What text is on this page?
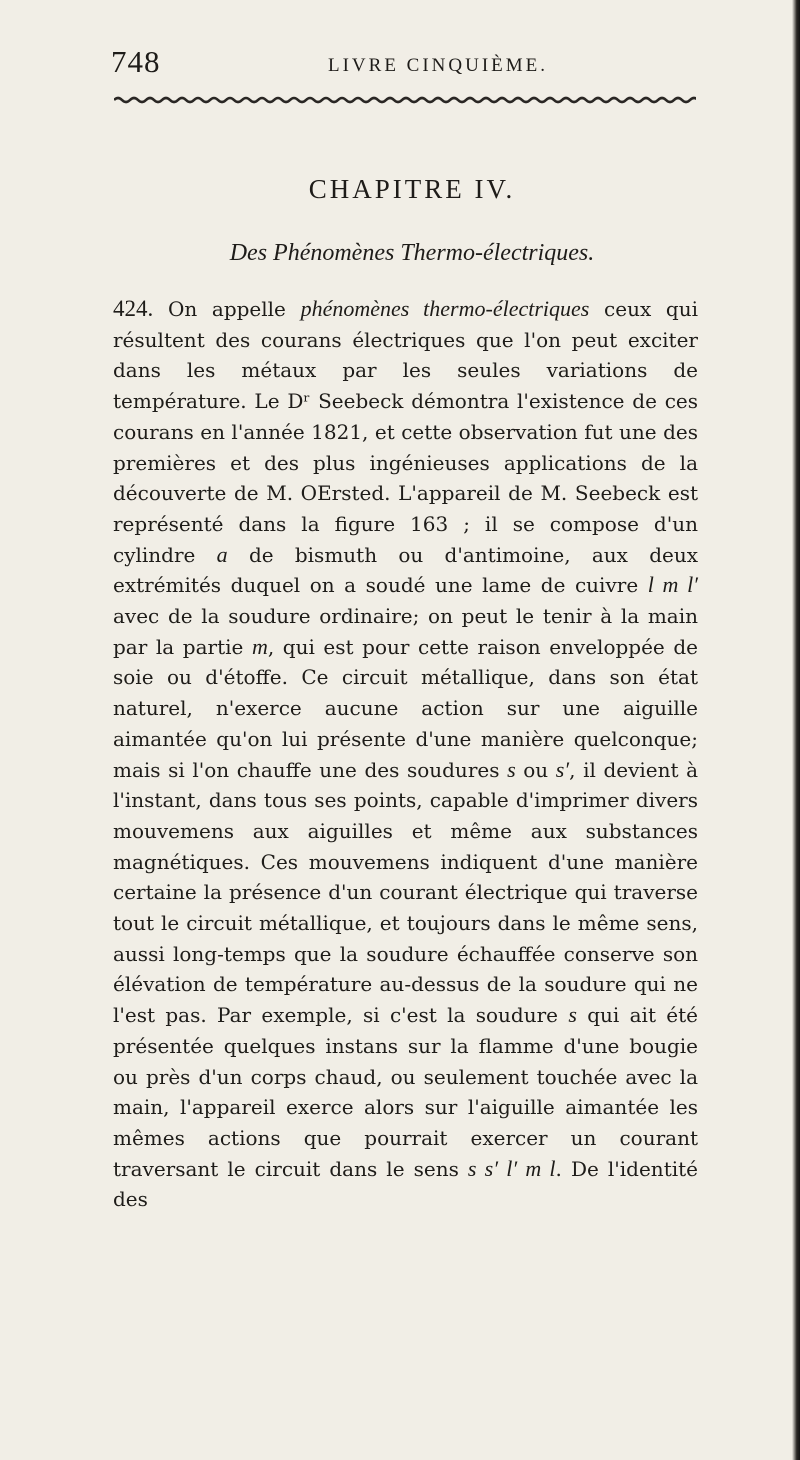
748	LIVRE CINQUIÈME.
CHAPITRE IV.
Des Phénomènes Thermo-électriques.
424. On appelle phénomènes thermo-électriques ceux qui résultent des courans électriques que l'on peut exciter dans les métaux par les seules variations de température. Le Dʳ Seebeck démontra l'existence de ces courans en l'année 1821, et cette observation fut une des premières et des plus ingénieuses applications de la découverte de M. OErsted. L'appareil de M. Seebeck est représenté dans la figure 163 ; il se compose d'un cylindre a de bismuth ou d'antimoine, aux deux extrémités duquel on a soudé une lame de cuivre l m l′ avec de la soudure ordinaire; on peut le tenir à la main par la partie m, qui est pour cette raison enveloppée de soie ou d'étoffe. Ce circuit métallique, dans son état naturel, n'exerce aucune action sur une aiguille aimantée qu'on lui présente d'une manière quelconque; mais si l'on chauffe une des soudures s ou s′, il devient à l'instant, dans tous ses points, capable d'imprimer divers mouvemens aux aiguilles et même aux substances magnétiques. Ces mouvemens indiquent d'une manière certaine la présence d'un courant électrique qui traverse tout le circuit métallique, et toujours dans le même sens, aussi long-temps que la soudure échauffée conserve son élévation de température au-dessus de la soudure qui ne l'est pas. Par exemple, si c'est la soudure s qui ait été présentée quelques instans sur la flamme d'une bougie ou près d'un corps chaud, ou seulement touchée avec la main, l'appareil exerce alors sur l'aiguille aimantée les mêmes actions que pourrait exercer un courant traversant le circuit dans le sens s s′ l′ m l. De l'identité des
